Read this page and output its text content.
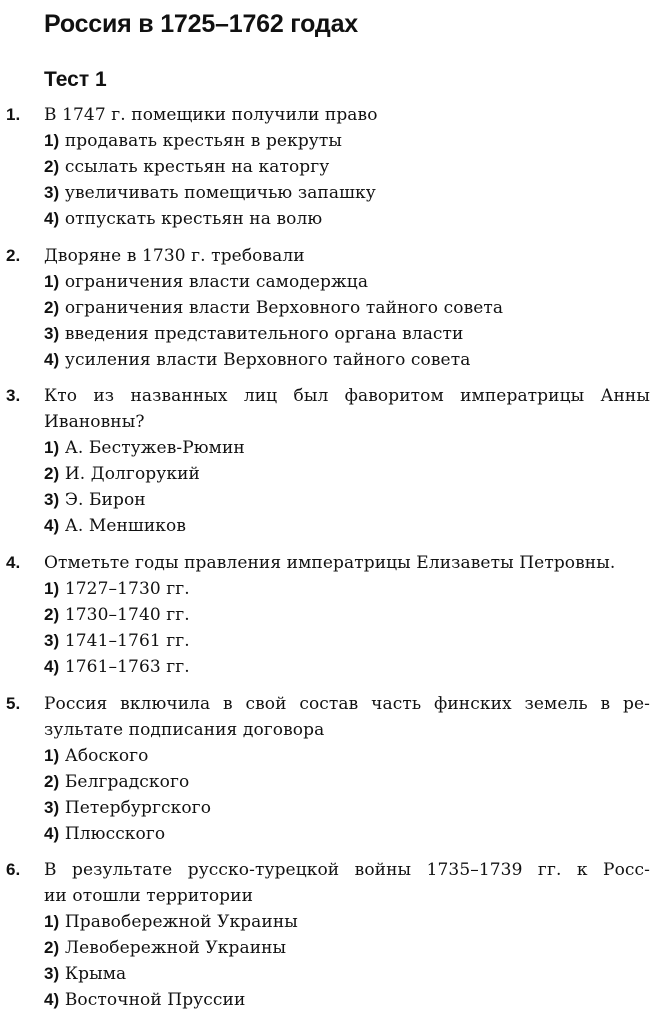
Россия в 1725–1762 годах
Тест 1
1. В 1747 г. помещики получили право
1) продавать крестьян в рекруты
2) ссылать крестьян на каторгу
3) увеличивать помещичью запашку
4) отпускать крестьян на волю
2. Дворяне в 1730 г. требовали
1) ограничения власти самодержца
2) ограничения власти Верховного тайного совета
3) введения представительного органа власти
4) усиления власти Верховного тайного совета
3. Кто из названных лиц был фаворитом императрицы Анны
Ивановны?
1) А. Бестужев-Рюмин
2) И. Долгорукий
3) Э. Бирон
4) А. Меншиков
4. Отметьте годы правления императрицы Елизаветы Петровны.
1) 1727–1730 гг.
2) 1730–1740 гг.
3) 1741–1761 гг.
4) 1761–1763 гг.
5. Россия включила в свой состав часть финских земель в ре-
зультате подписания договора
1) Абоского
2) Белградского
3) Петербургского
4) Плюсского
6. В результате русско-турецкой войны 1735–1739 гг. к Росс-
ии отошли территории
1) Правобережной Украины
2) Левобережной Украины
3) Крыма
4) Восточной Пруссии
